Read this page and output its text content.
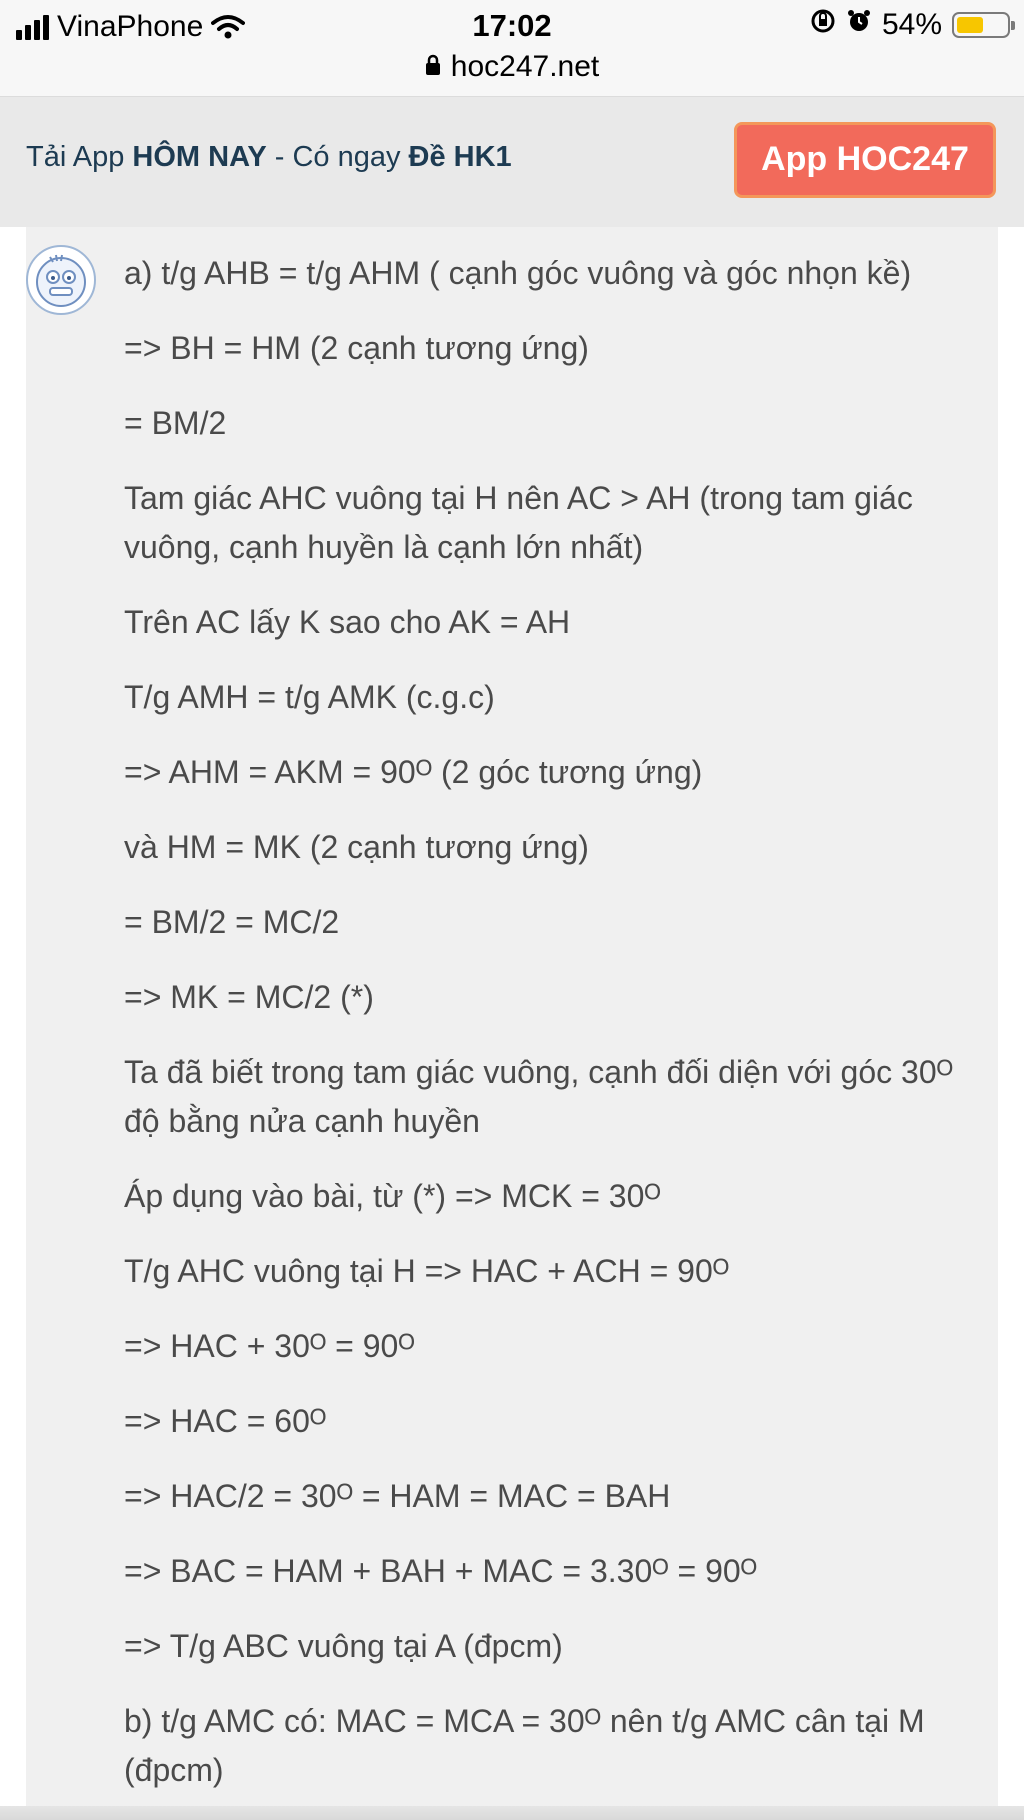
VinaPhone	17:02	54%
hoc247.net
Tải App HÔM NAY - Có ngay Đề HK1	App HOC247

a) t/g AHB = t/g AHM ( cạnh góc vuông và góc nhọn kề)

=> BH = HM (2 cạnh tương ứng)

= BM/2

Tam giác AHC vuông tại H nên AC > AH (trong tam giác vuông, cạnh huyền là cạnh lớn nhất)

Trên AC lấy K sao cho AK = AH

T/g AMH = t/g AMK (c.g.c)

=> AHM = AKM = 90ᴼ (2 góc tương ứng)

và HM = MK (2 cạnh tương ứng)

= BM/2 = MC/2

=> MK = MC/2 (*)

Ta đã biết trong tam giác vuông, cạnh đối diện với góc 30ᴼ độ bằng nửa cạnh huyền

Áp dụng vào bài, từ (*) => MCK = 30ᴼ

T/g AHC vuông tại H => HAC + ACH = 90ᴼ

=> HAC + 30ᴼ = 90ᴼ

=> HAC = 60ᴼ

=> HAC/2 = 30ᴼ = HAM = MAC = BAH

=> BAC = HAM + BAH + MAC = 3.30ᴼ = 90ᴼ

=> T/g ABC vuông tại A (đpcm)

b) t/g AMC có: MAC = MCA = 30ᴼ nên t/g AMC cân tại M (đpcm)
